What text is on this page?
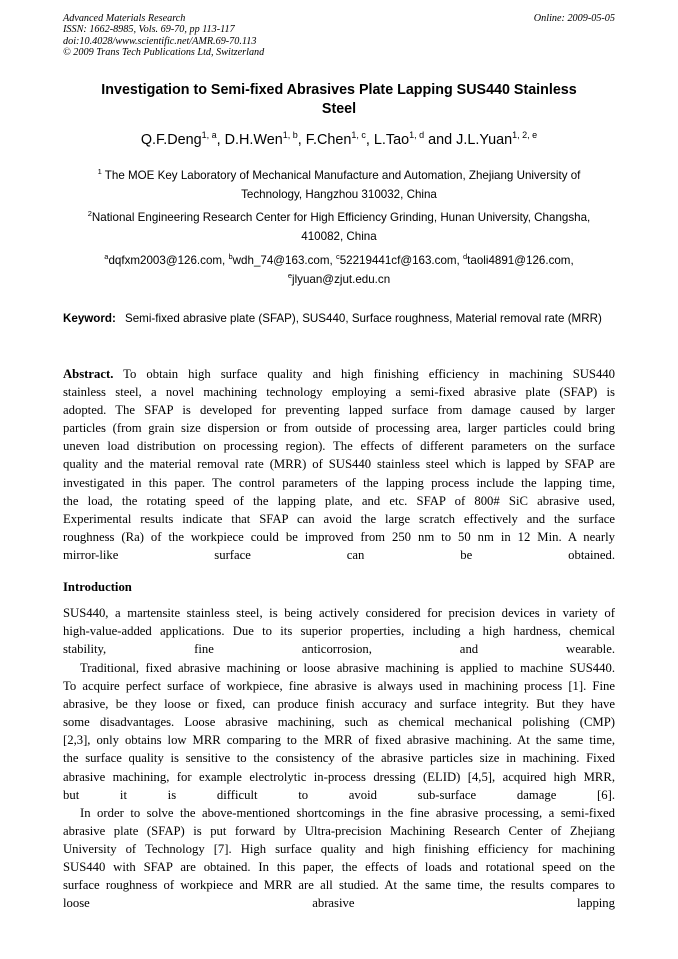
Advanced Materials Research
ISSN: 1662-8985, Vols. 69-70, pp 113-117
doi:10.4028/www.scientific.net/AMR.69-70.113
© 2009 Trans Tech Publications Ltd, Switzerland
Online: 2009-05-05
Investigation to Semi-fixed Abrasives Plate Lapping SUS440 Stainless
Steel
Q.F.Deng$^{1, a}$, D.H.Wen$^{1, b}$, F.Chen$^{1, c}$, L.Tao$^{1, d}$ and J.L.Yuan$^{1, 2, e}$
$^1$ The MOE Key Laboratory of Mechanical Manufacture and Automation, Zhejiang University of
Technology, Hangzhou 310032, China
$^2$National Engineering Research Center for High Efficiency Grinding, Hunan University, Changsha,
410082, China
$^a$dqfxm2003@126.com, $^b$wdh_74@163.com, $^c$52219441cf@163.com, $^d$taoli4891@126.com,
$^e$jlyuan@zjut.edu.cn
Keyword: Semi-fixed abrasive plate (SFAP), SUS440, Surface roughness, Material removal rate (MRR)
Abstract. To obtain high surface quality and high finishing efficiency in machining SUS440
stainless steel, a novel machining technology employing a semi-fixed abrasive plate (SFAP) is
adopted. The SFAP is developed for preventing lapped surface from damage caused by larger
particles (from grain size dispersion or from outside of processing area, larger particles could bring
uneven load distribution on processing region). The effects of different parameters on the surface
quality and the material removal rate (MRR) of SUS440 stainless steel which is lapped by SFAP are
investigated in this paper. The control parameters of the lapping process include the lapping time,
the load, the rotating speed of the lapping plate, and etc. SFAP of 800# SiC abrasive used,
Experimental results indicate that SFAP can avoid the large scratch effectively and the surface
roughness (Ra) of the workpiece could be improved from 250 nm to 50 nm in 12 Min. A nearly
mirror-like surface can be obtained.
Introduction
SUS440, a martensite stainless steel, is being actively considered for precision devices in variety of
high-value-added applications. Due to its superior properties, including a high hardness, chemical
stability, fine anticorrosion, and wearable.
Traditional, fixed abrasive machining or loose abrasive machining is applied to machine SUS440.
To acquire perfect surface of workpiece, fine abrasive is always used in machining process [1]. Fine
abrasive, be they loose or fixed, can produce finish accuracy and surface integrity. But they have
some disadvantages. Loose abrasive machining, such as chemical mechanical polishing (CMP)
[2,3], only obtains low MRR comparing to the MRR of fixed abrasive machining. At the same time,
the surface quality is sensitive to the consistency of the abrasive particles size in machining. Fixed
abrasive machining, for example electrolytic in-process dressing (ELID) [4,5], acquired high MRR,
but it is difficult to avoid sub-surface damage [6].
In order to solve the above-mentioned shortcomings in the fine abrasive processing, a semi-fixed
abrasive plate (SFAP) is put forward by Ultra-precision Machining Research Center of Zhejiang
University of Technology [7]. High surface quality and high finishing efficiency for machining
SUS440 with SFAP are obtained. In this paper, the effects of loads and rotational speed on the
surface roughness of workpiece and MRR are all studied. At the same time, the results compares to
loose abrasive lapping
